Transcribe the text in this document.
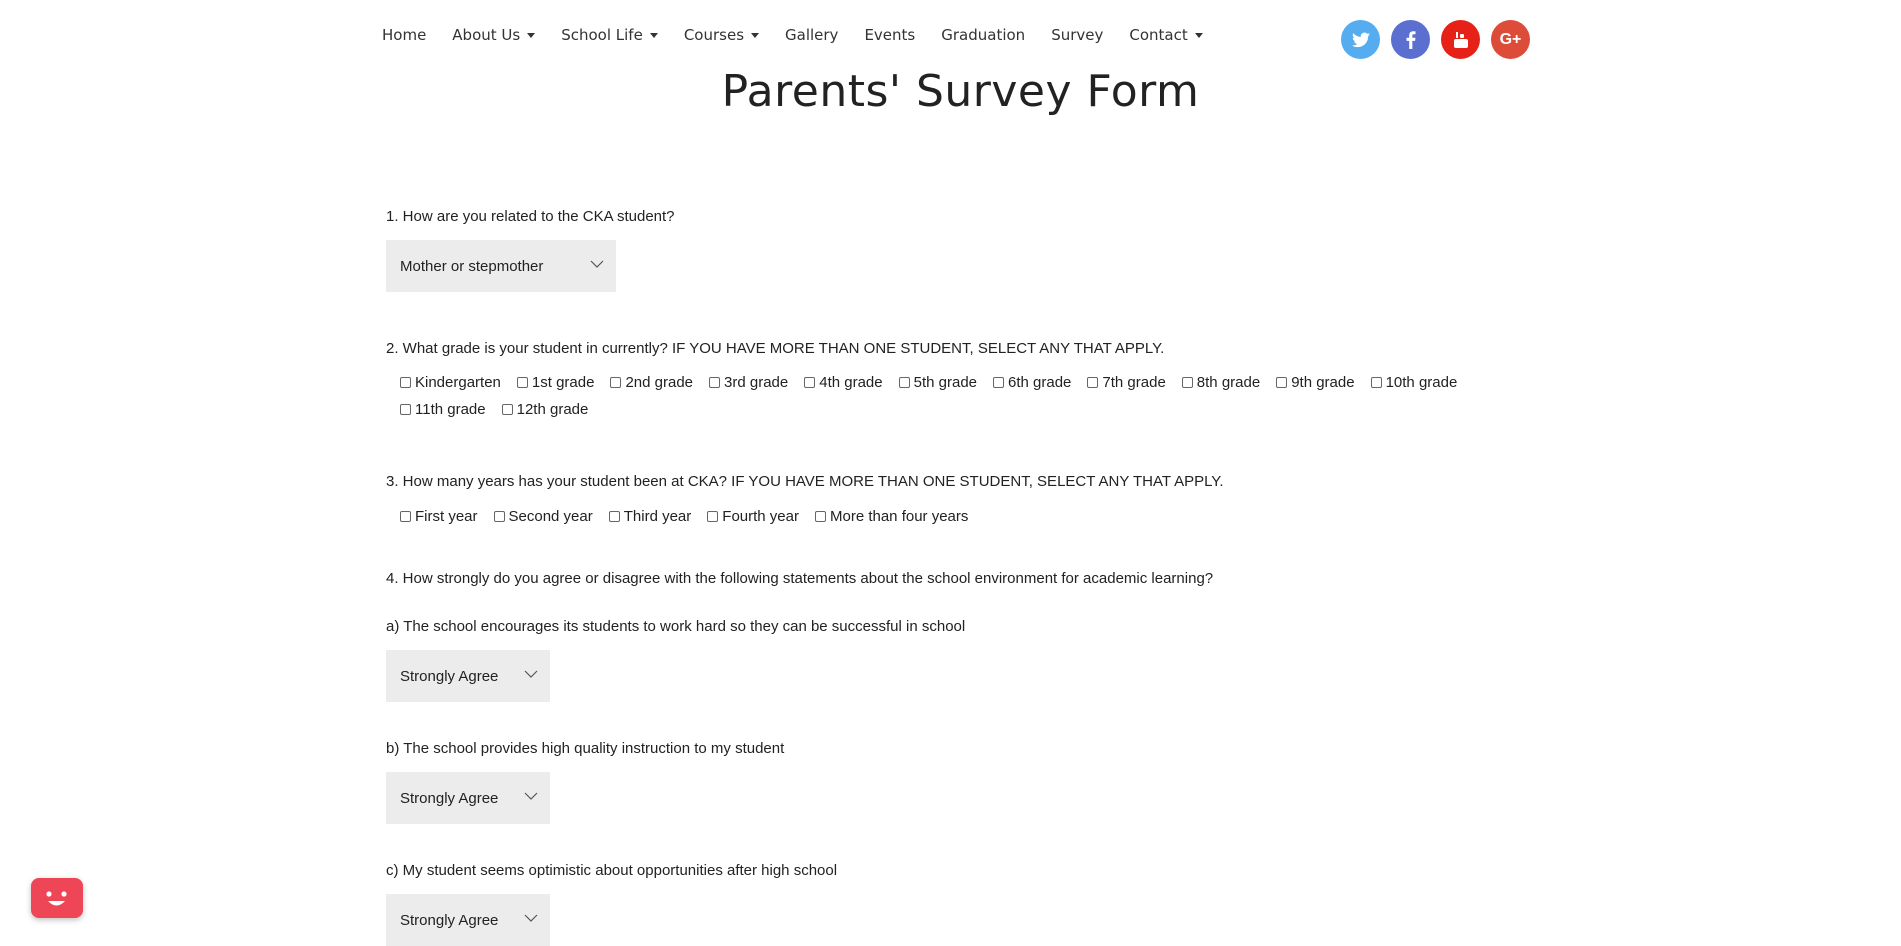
Home About Us	School Life	Courses	Gallery Events Graduation Survey Contact	G+
Parents' Survey Form
1. How are you related to the CKA student?
Mother or stepmother
2. What grade is your student in currently? IF YOU HAVE MORE THAN ONE STUDENT, SELECT ANY THAT APPLY.
Kindergarten 1st grade 2nd grade 3rd grade 4th grade 5th grade 6th grade 7th grade 8th grade 9th grade 10th grade
11th grade 12th grade
3. How many years has your student been at CKA? IF YOU HAVE MORE THAN ONE STUDENT, SELECT ANY THAT APPLY.
First year Second year Third year Fourth year More than four years
4. How strongly do you agree or disagree with the following statements about the school environment for academic learning?
a) The school encourages its students to work hard so they can be successful in school
Strongly Agree
b) The school provides high quality instruction to my student
Strongly Agree
c) My student seems optimistic about opportunities after high school
Strongly Agree
